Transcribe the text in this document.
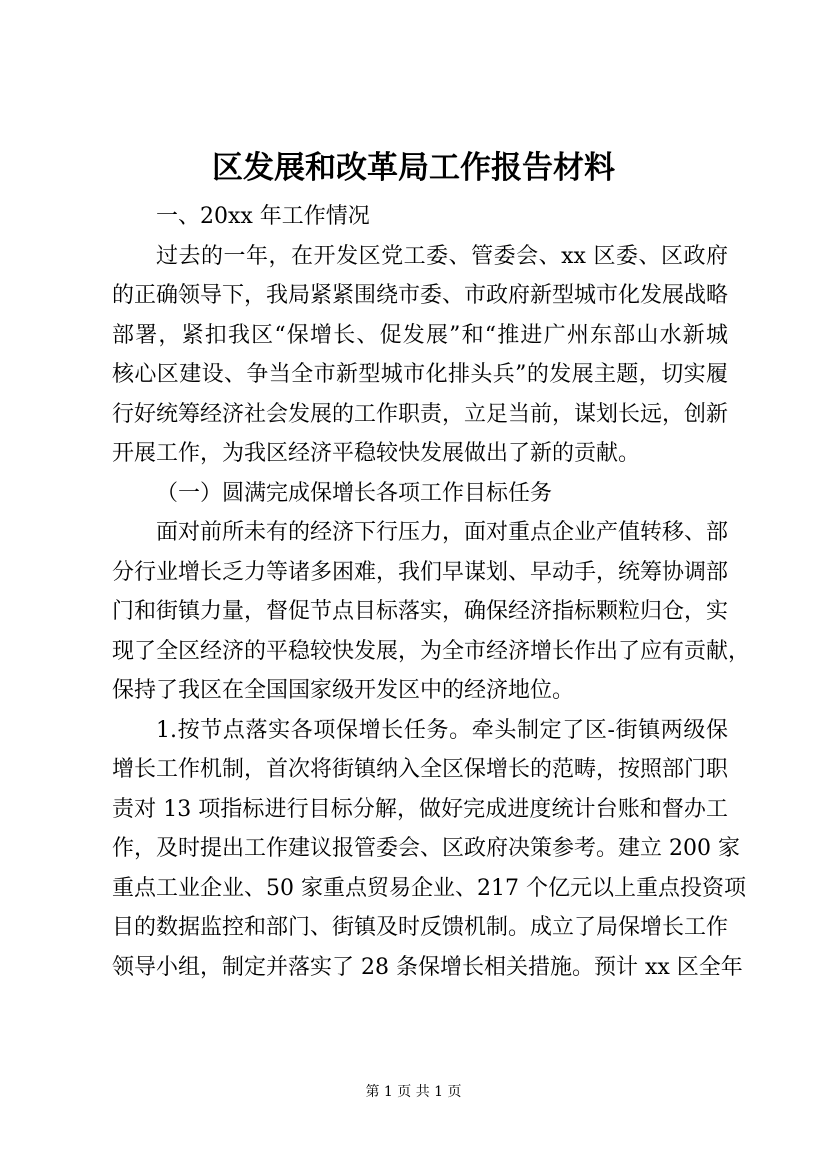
区发展和改革局工作报告材料
一、20xx 年工作情况
过去的一年，在开发区党工委、管委会、xx 区委、区政府
的正确领导下，我局紧紧围绕市委、市政府新型城市化发展战略
部署，紧扣我区“保增长、促发展”和“推进广州东部山水新城
核心区建设、争当全市新型城市化排头兵”的发展主题，切实履
行好统筹经济社会发展的工作职责，立足当前，谋划长远，创新
开展工作，为我区经济平稳较快发展做出了新的贡献。
（一）圆满完成保增长各项工作目标任务
面对前所未有的经济下行压力，面对重点企业产值转移、部
分行业增长乏力等诸多困难，我们早谋划、早动手，统筹协调部
门和街镇力量，督促节点目标落实，确保经济指标颗粒归仓，实
现了全区经济的平稳较快发展，为全市经济增长作出了应有贡献，
保持了我区在全国国家级开发区中的经济地位。
1.按节点落实各项保增长任务。牵头制定了区-街镇两级保
增长工作机制，首次将街镇纳入全区保增长的范畴，按照部门职
责对 13 项指标进行目标分解，做好完成进度统计台账和督办工
作，及时提出工作建议报管委会、区政府决策参考。建立 200 家
重点工业企业、50 家重点贸易企业、217 个亿元以上重点投资项
目的数据监控和部门、街镇及时反馈机制。成立了局保增长工作
领导小组，制定并落实了 28 条保增长相关措施。预计 xx 区全年
第 1 页 共 1 页
